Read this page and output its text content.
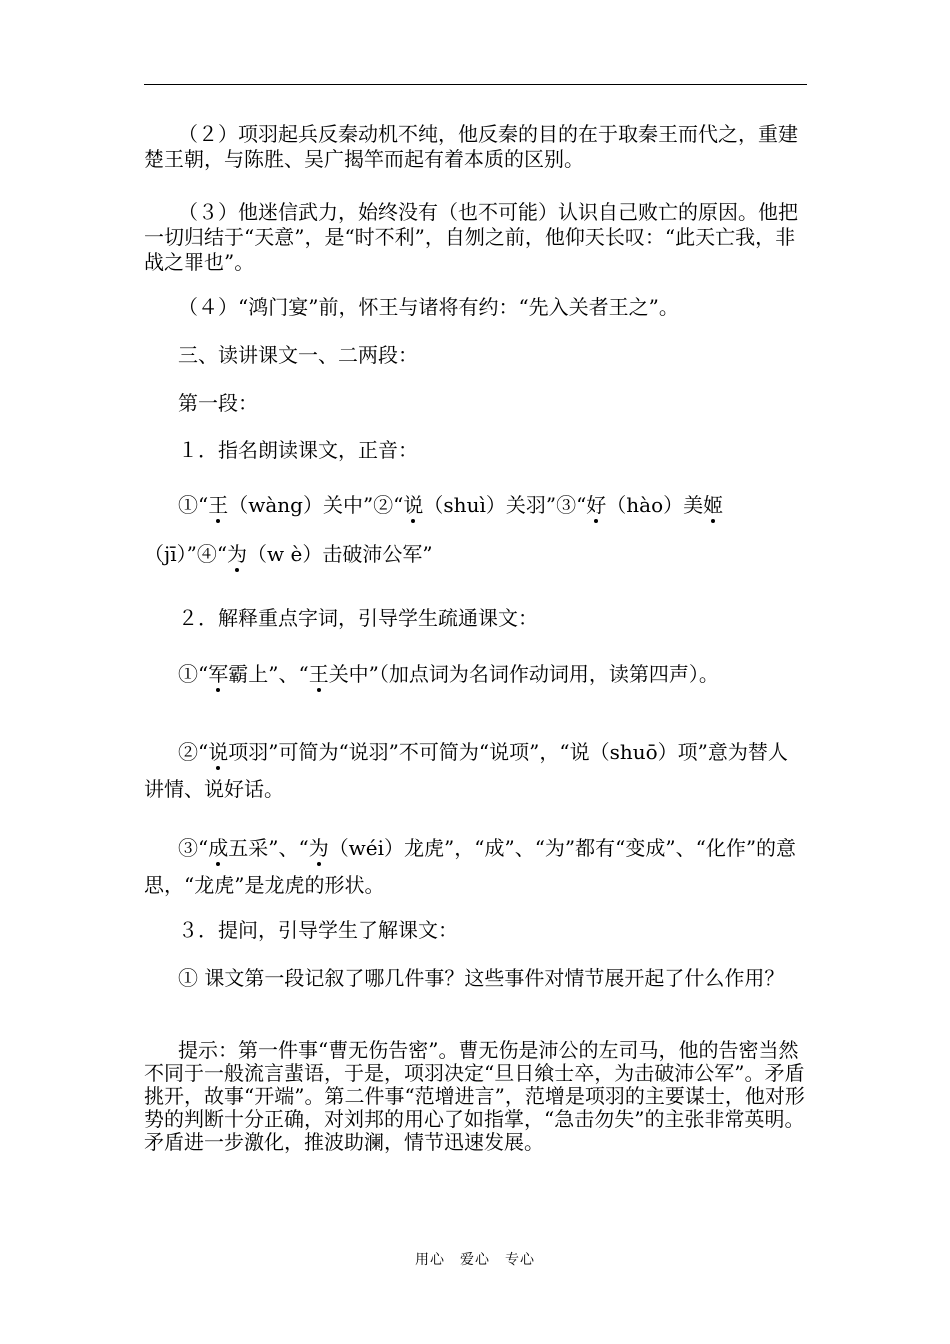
（２）项羽起兵反秦动机不纯，他反秦的目的在于取秦王而代之，重建楚王朝，与陈胜、吴广揭竿而起有着本质的区别。

（３）他迷信武力，始终没有（也不可能）认识自己败亡的原因。他把一切归结于“天意”，是“时不利”，自刎之前，他仰天长叹：“此天亡我，非战之罪也”。

（４）“鸿门宴”前，怀王与诸将有约：“先入关者王之”。

三、读讲课文一、二两段：

第一段：

１．指名朗读课文，正音：

①“王（wàng）关中”②“说（shuì）关羽”③“好（hào）美姬
（jī）”④“为（w è）击破沛公军”

２．解释重点字词，引导学生疏通课文：

①“军霸上”、“王关中”（加点词为名词作动词用，读第四声）。
②“说项羽”可简为“说羽”不可简为“说项”，“说（shuō）项”意为替人讲情、说好话。
③“成五采”、“为（wéi）龙虎”，“成”、“为”都有“变成”、“化作”的意思，“龙虎”是龙虎的形状。

３．提问，引导学生了解课文：

① 课文第一段记叙了哪几件事？这些事件对情节展开起了什么作用？

提示：第一件事“曹无伤告密”。曹无伤是沛公的左司马，他的告密当然不同于一般流言蜚语，于是，项羽决定“旦日飨士卒，为击破沛公军”。矛盾挑开，故事“开端”。第二件事“范增进言”，范增是项羽的主要谋士，他对形势的判断十分正确，对刘邦的用心了如指掌，“急击勿失”的主张非常英明。矛盾进一步激化，推波助澜，情节迅速发展。

用心　爱心　专心
